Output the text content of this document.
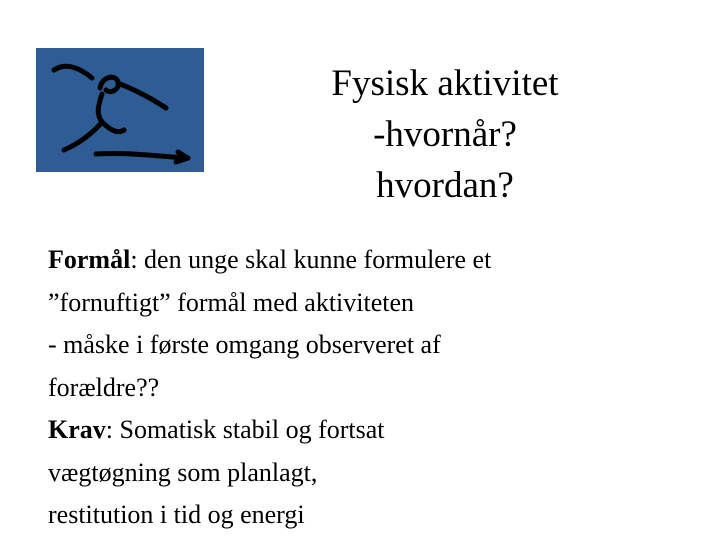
Fysisk aktivitet
-hvornår?
hvordan?
Formål: den unge skal kunne formulere et
”fornuftigt” formål med aktiviteten
- måske i første omgang observeret af
forældre??
Krav: Somatisk stabil og fortsat
vægtøgning som planlagt,
restitution i tid og energi
